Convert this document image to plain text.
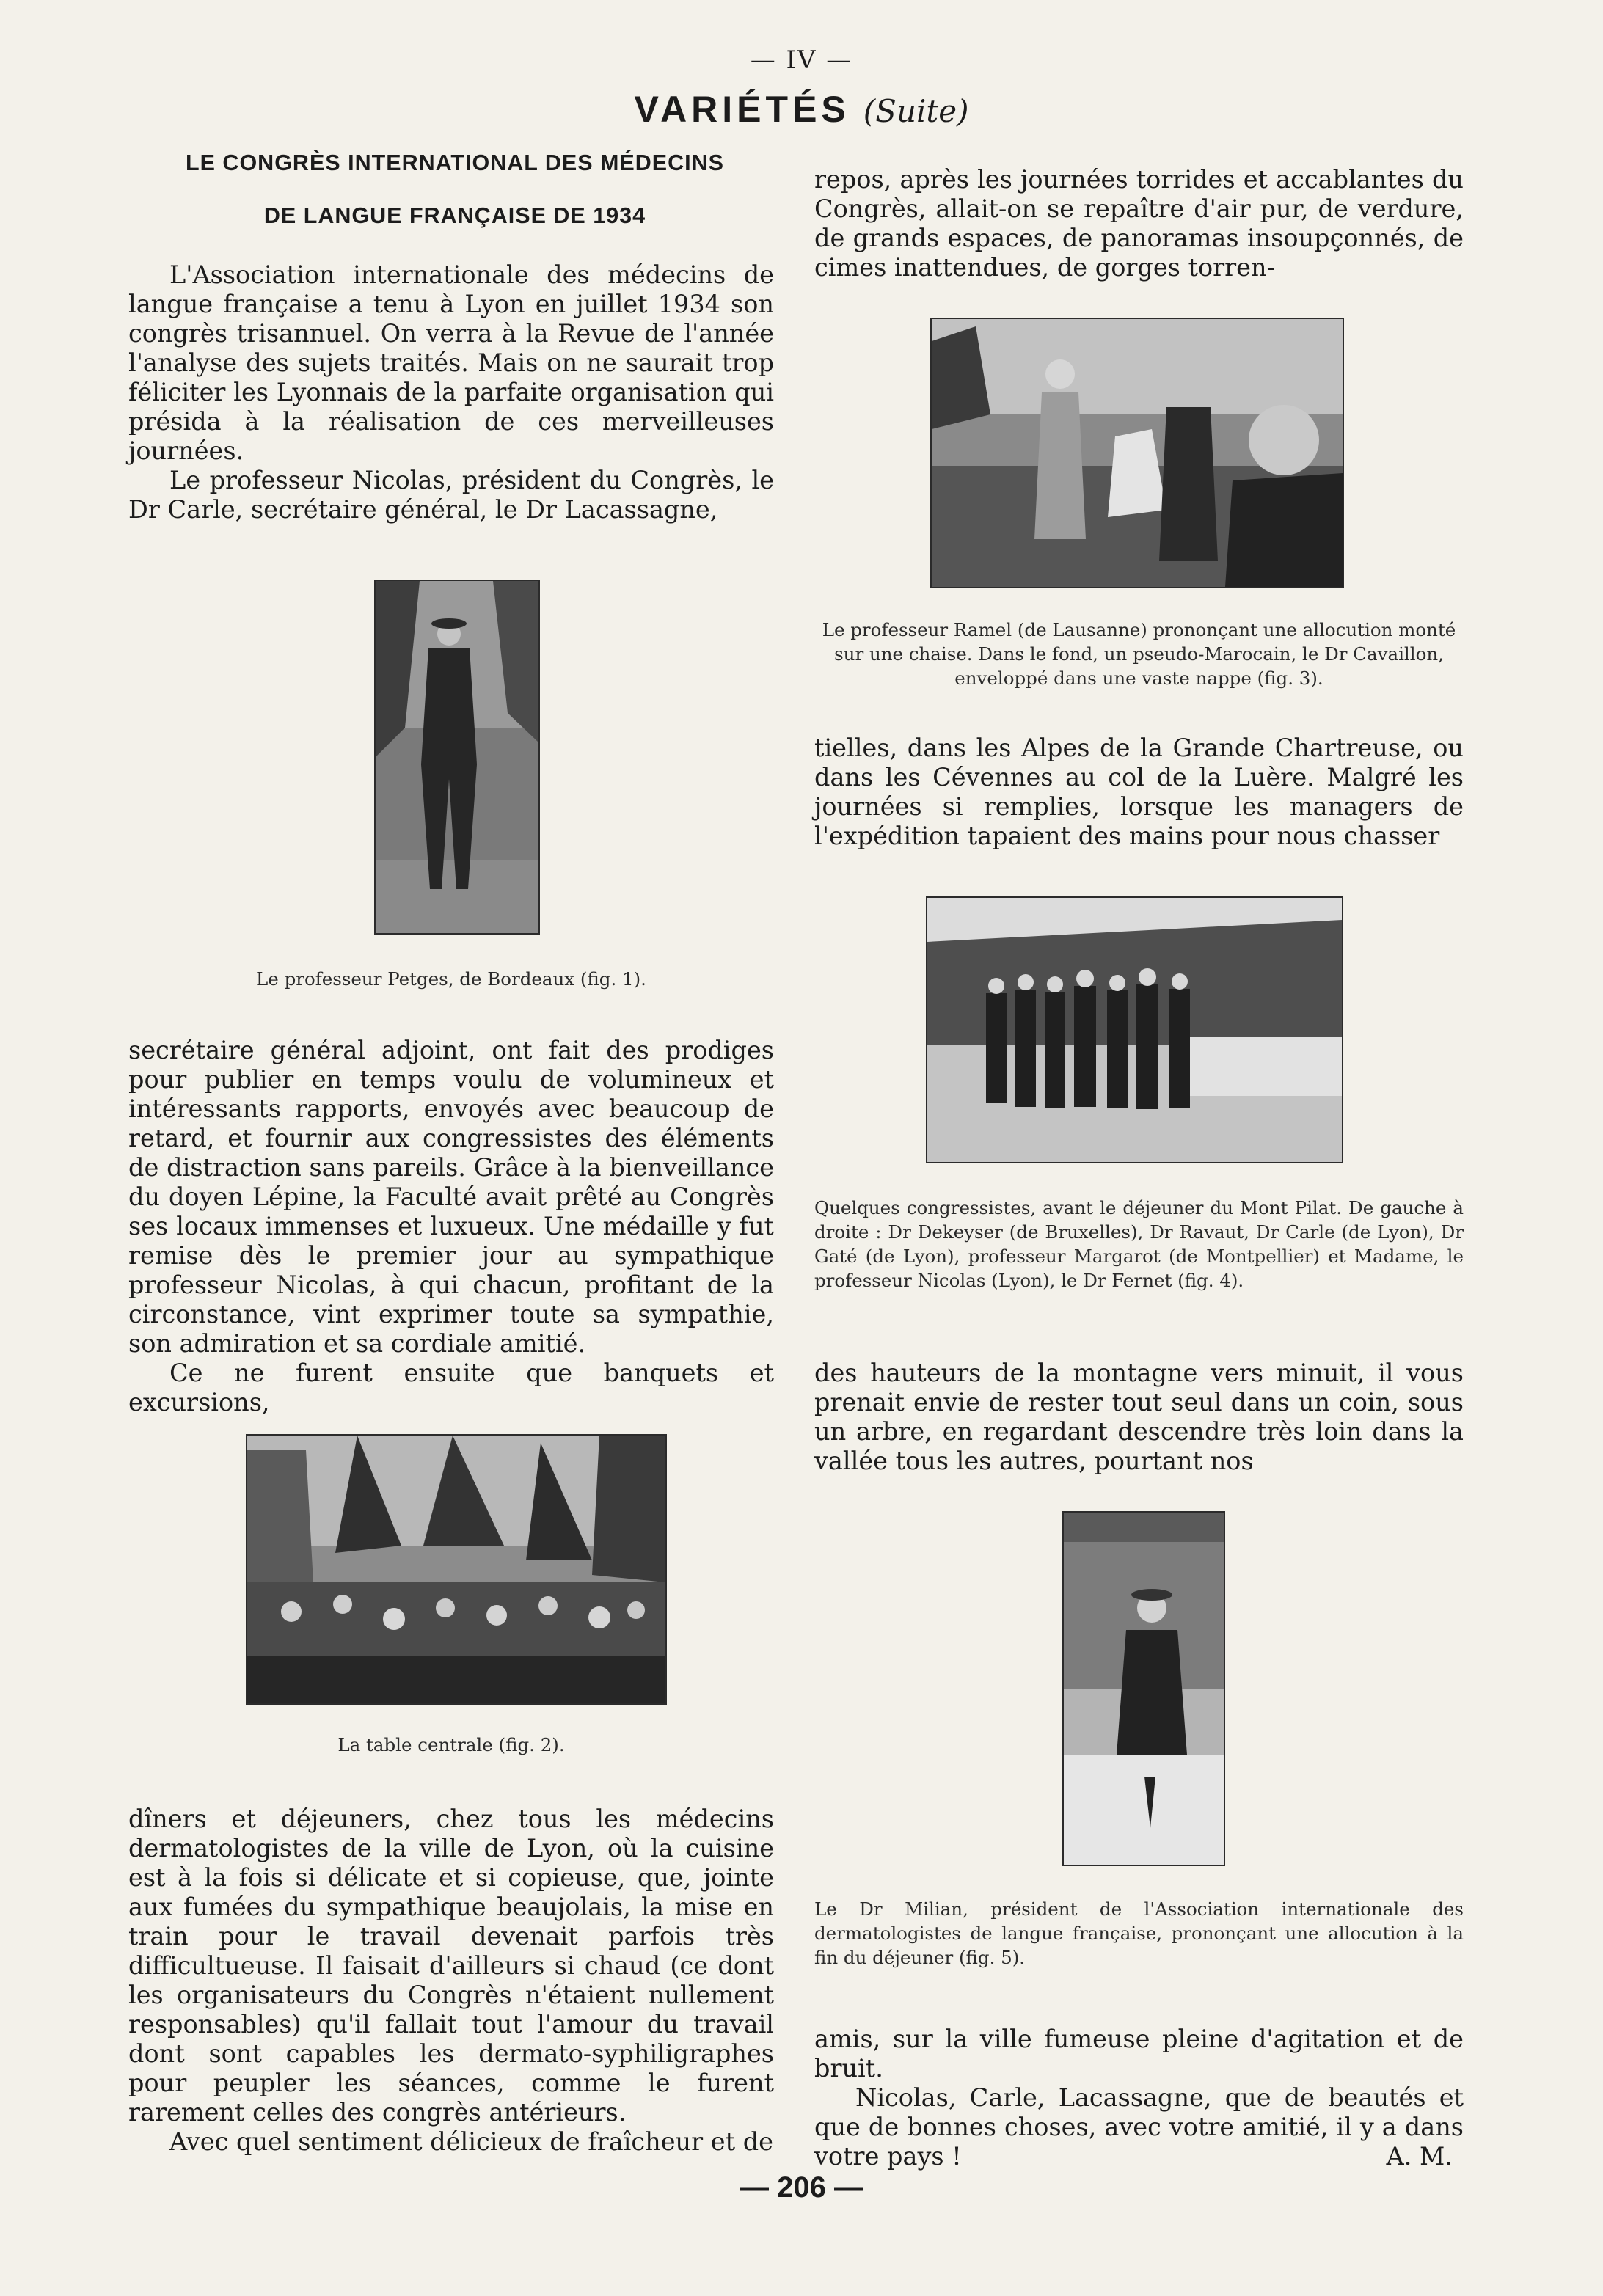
— IV —
VARIÉTÉS (Suite)
LE CONGRÈS INTERNATIONAL DES MÉDECINS
DE LANGUE FRANÇAISE DE 1934

L'Association internationale des médecins de langue française a tenu à Lyon en juillet 1934 son congrès trisannuel. On verra à la Revue de l'année l'analyse des sujets traités. Mais on ne saurait trop féliciter les Lyonnais de la parfaite organisation qui présida à la réalisation de ces merveilleuses journées.

Le professeur Nicolas, président du Congrès, le Dr Carle, secrétaire général, le Dr Lacassagne,

Le professeur Petges, de Bordeaux (fig. 1).

secrétaire général adjoint, ont fait des prodiges pour publier en temps voulu de volumineux et intéressants rapports, envoyés avec beaucoup de retard, et fournir aux congressistes des éléments de distraction sans pareils. Grâce à la bienveillance du doyen Lépine, la Faculté avait prêté au Congrès ses locaux immenses et luxueux. Une médaille y fut remise dès le premier jour au sympathique professeur Nicolas, à qui chacun, profitant de la circonstance, vint exprimer toute sa sympathie, son admiration et sa cordiale amitié.

Ce ne furent ensuite que banquets et excursions,

La table centrale (fig. 2).

dîners et déjeuners, chez tous les médecins dermatologistes de la ville de Lyon, où la cuisine est à la fois si délicate et si copieuse, que, jointe aux fumées du sympathique beaujolais, la mise en train pour le travail devenait parfois très difficultueuse. Il faisait d'ailleurs si chaud (ce dont les organisateurs du Congrès n'étaient nullement responsables) qu'il fallait tout l'amour du travail dont sont capables les dermato-syphiligraphes pour peupler les séances, comme le furent rarement celles des congrès antérieurs.

Avec quel sentiment délicieux de fraîcheur et de

repos, après les journées torrides et accablantes du Congrès, allait-on se repaître d'air pur, de verdure, de grands espaces, de panoramas insoupçonnés, de cimes inattendues, de gorges torren-

Le professeur Ramel (de Lausanne) prononçant une allocution monté sur une chaise. Dans le fond, un pseudo-Marocain, le Dr Cavaillon, enveloppé dans une vaste nappe (fig. 3).

tielles, dans les Alpes de la Grande Chartreuse, ou dans les Cévennes au col de la Luère. Malgré les journées si remplies, lorsque les managers de l'expédition tapaient des mains pour nous chasser

Quelques congressistes, avant le déjeuner du Mont Pilat. De gauche à droite : Dr Dekeyser (de Bruxelles), Dr Ravaut, Dr Carle (de Lyon), Dr Gaté (de Lyon), professeur Margarot (de Montpellier) et Madame, le professeur Nicolas (Lyon), le Dr Fernet (fig. 4).

des hauteurs de la montagne vers minuit, il vous prenait envie de rester tout seul dans un coin, sous un arbre, en regardant descendre très loin dans la vallée tous les autres, pourtant nos

Le Dr Milian, président de l'Association internationale des dermatologistes de langue française, prononçant une allocution à la fin du déjeuner (fig. 5).

amis, sur la ville fumeuse pleine d'agitation et de bruit.

Nicolas, Carle, Lacassagne, que de beautés et que de bonnes choses, avec votre amitié, il y a dans votre pays !	A. M.
— 206 —
